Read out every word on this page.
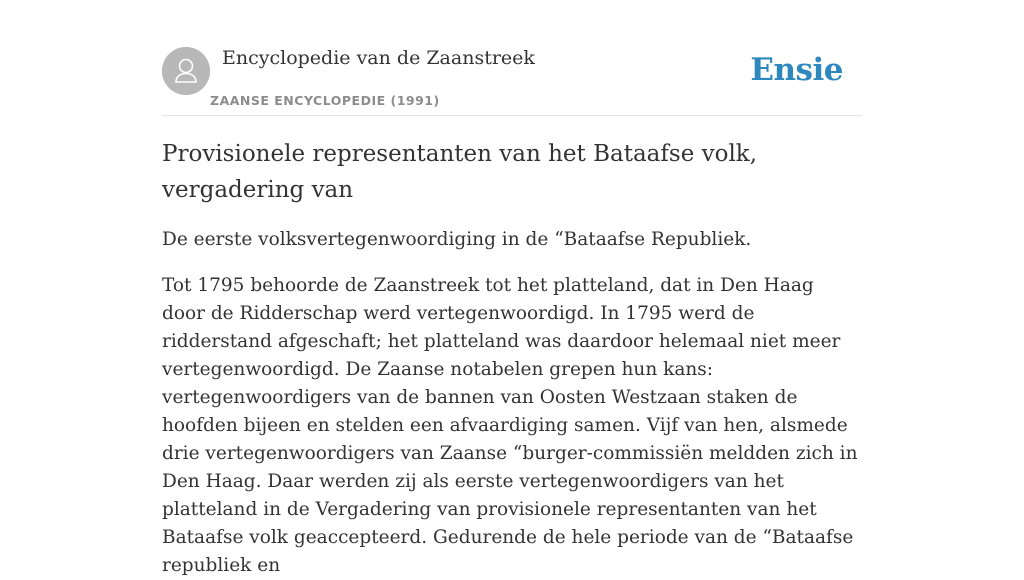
Encyclopedie van de Zaanstreek
ZAANSE ENCYCLOPEDIE (1991)
Ensie
Provisionele representanten van het Bataafse volk, vergadering van

De eerste volksvertegenwoordiging in de “Bataafse Republiek.

Tot 1795 behoorde de Zaanstreek tot het platteland, dat in Den Haag door de Ridderschap werd vertegenwoordigd. In 1795 werd de ridderstand afgeschaft; het platteland was daardoor helemaal niet meer vertegenwoordigd. De Zaanse notabelen grepen hun kans: vertegenwoordigers van de bannen van Oosten Westzaan staken de hoofden bijeen en stelden een afvaardiging samen. Vijf van hen, alsmede drie vertegenwoordigers van Zaanse “burger-commissiën meldden zich in Den Haag. Daar werden zij als eerste vertegenwoordigers van het platteland in de Vergadering van provisionele representanten van het Bataafse volk geaccepteerd. Gedurende de hele periode van de “Bataafse republiek en
